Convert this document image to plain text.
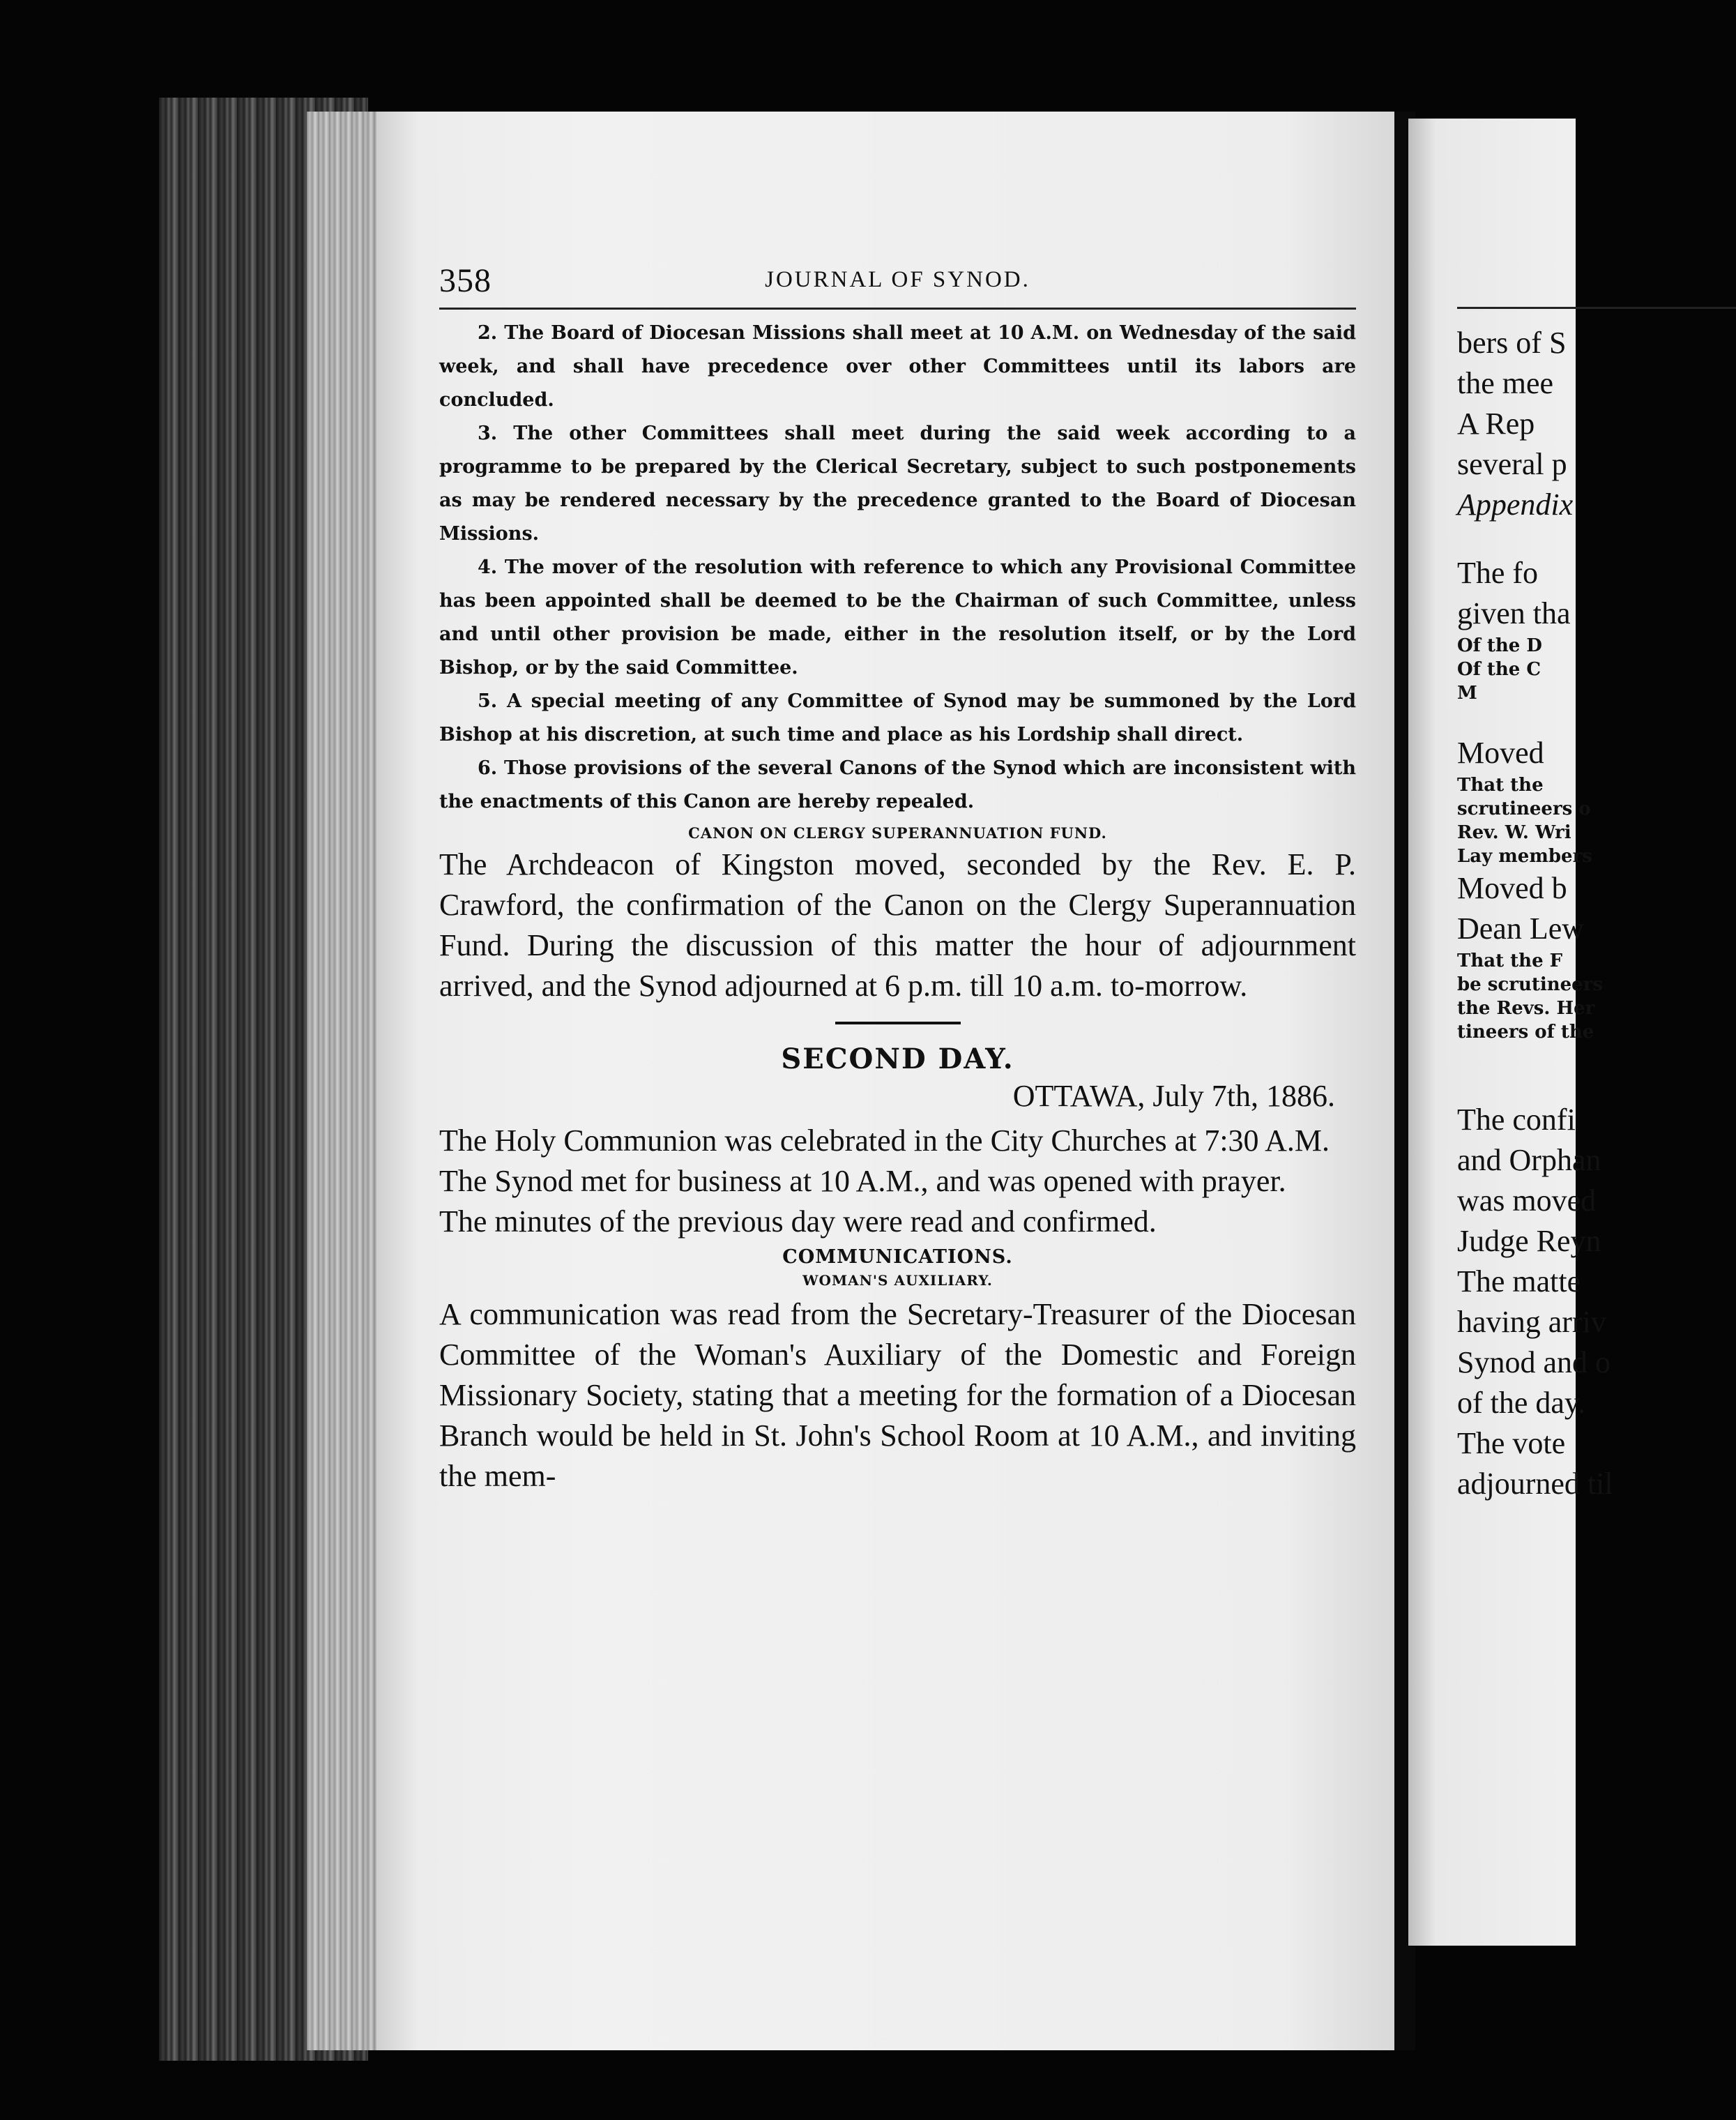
358	JOURNAL OF SYNOD.

2. The Board of Diocesan Missions shall meet at 10 A.M. on Wednesday of the said week, and shall have precedence over other Committees until its labors are concluded.

3. The other Committees shall meet during the said week according to a programme to be prepared by the Clerical Secretary, subject to such postponements as may be rendered necessary by the precedence granted to the Board of Diocesan Missions.

4. The mover of the resolution with reference to which any Provisional Committee has been appointed shall be deemed to be the Chairman of such Committee, unless and until other provision be made, either in the resolution itself, or by the Lord Bishop, or by the said Committee.

5. A special meeting of any Committee of Synod may be summoned by the Lord Bishop at his discretion, at such time and place as his Lordship shall direct.

6. Those provisions of the several Canons of the Synod which are inconsistent with the enactments of this Canon are hereby repealed.

CANON ON CLERGY SUPERANNUATION FUND.

The Archdeacon of Kingston moved, seconded by the Rev. E. P. Crawford, the confirmation of the Canon on the Clergy Superannuation Fund. During the discussion of this matter the hour of adjournment arrived, and the Synod adjourned at 6 p.m. till 10 a.m. to-morrow.

SECOND DAY.
OTTAWA, July 7th, 1886.

The Holy Communion was celebrated in the City Churches at 7:30 A.M.

The Synod met for business at 10 A.M., and was opened with prayer.

The minutes of the previous day were read and confirmed.

COMMUNICATIONS.
WOMAN'S AUXILIARY.

A communication was read from the Secretary-Treasurer of the Diocesan Committee of the Woman's Auxiliary of the Domestic and Foreign Missionary Society, stating that a meeting for the formation of a Diocesan Branch would be held in St. John's School Room at 10 A.M., and inviting the mem-

bers of S

the mee

A Rep

several p

Appendix

The fo

given tha

Of the D

Of the C

M

Moved

That the

scrutineers o

Rev. W. Wri

Lay members

Moved b

Dean Lew

That the F

be scrutineers

the Revs. Her

tineers of the

The confi

and Orphan

was moved

Judge Reyn

The matte

having arriv

Synod and o

of the day.

The vote

adjourned til
